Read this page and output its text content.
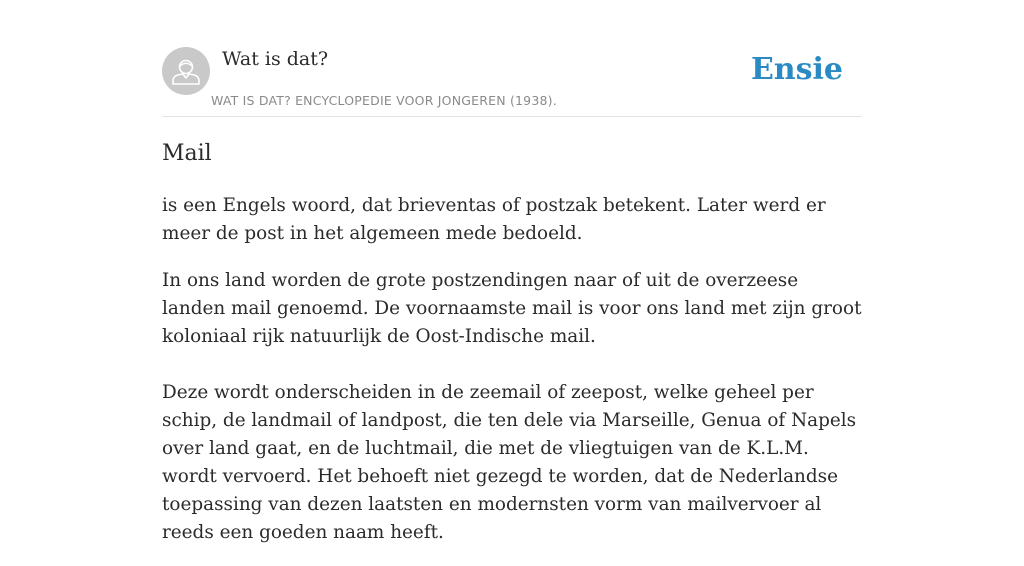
Wat is dat?
WAT IS DAT? ENCYCLOPEDIE VOOR JONGEREN (1938).
Ensie
Mail

is een Engels woord, dat brieventas of postzak betekent. Later werd er meer de post in het algemeen mede bedoeld.

In ons land worden de grote postzendingen naar of uit de overzeese landen mail genoemd. De voornaamste mail is voor ons land met zijn groot koloniaal rijk natuurlijk de Oost-Indische mail.

Deze wordt onderscheiden in de zeemail of zeepost, welke geheel per schip, de landmail of landpost, die ten dele via Marseille, Genua of Napels over land gaat, en de luchtmail, die met de vliegtuigen van de K.L.M. wordt vervoerd. Het behoeft niet gezegd te worden, dat de Nederlandse toepassing van dezen laatsten en modernsten vorm van mailvervoer al reeds een goeden naam heeft.
